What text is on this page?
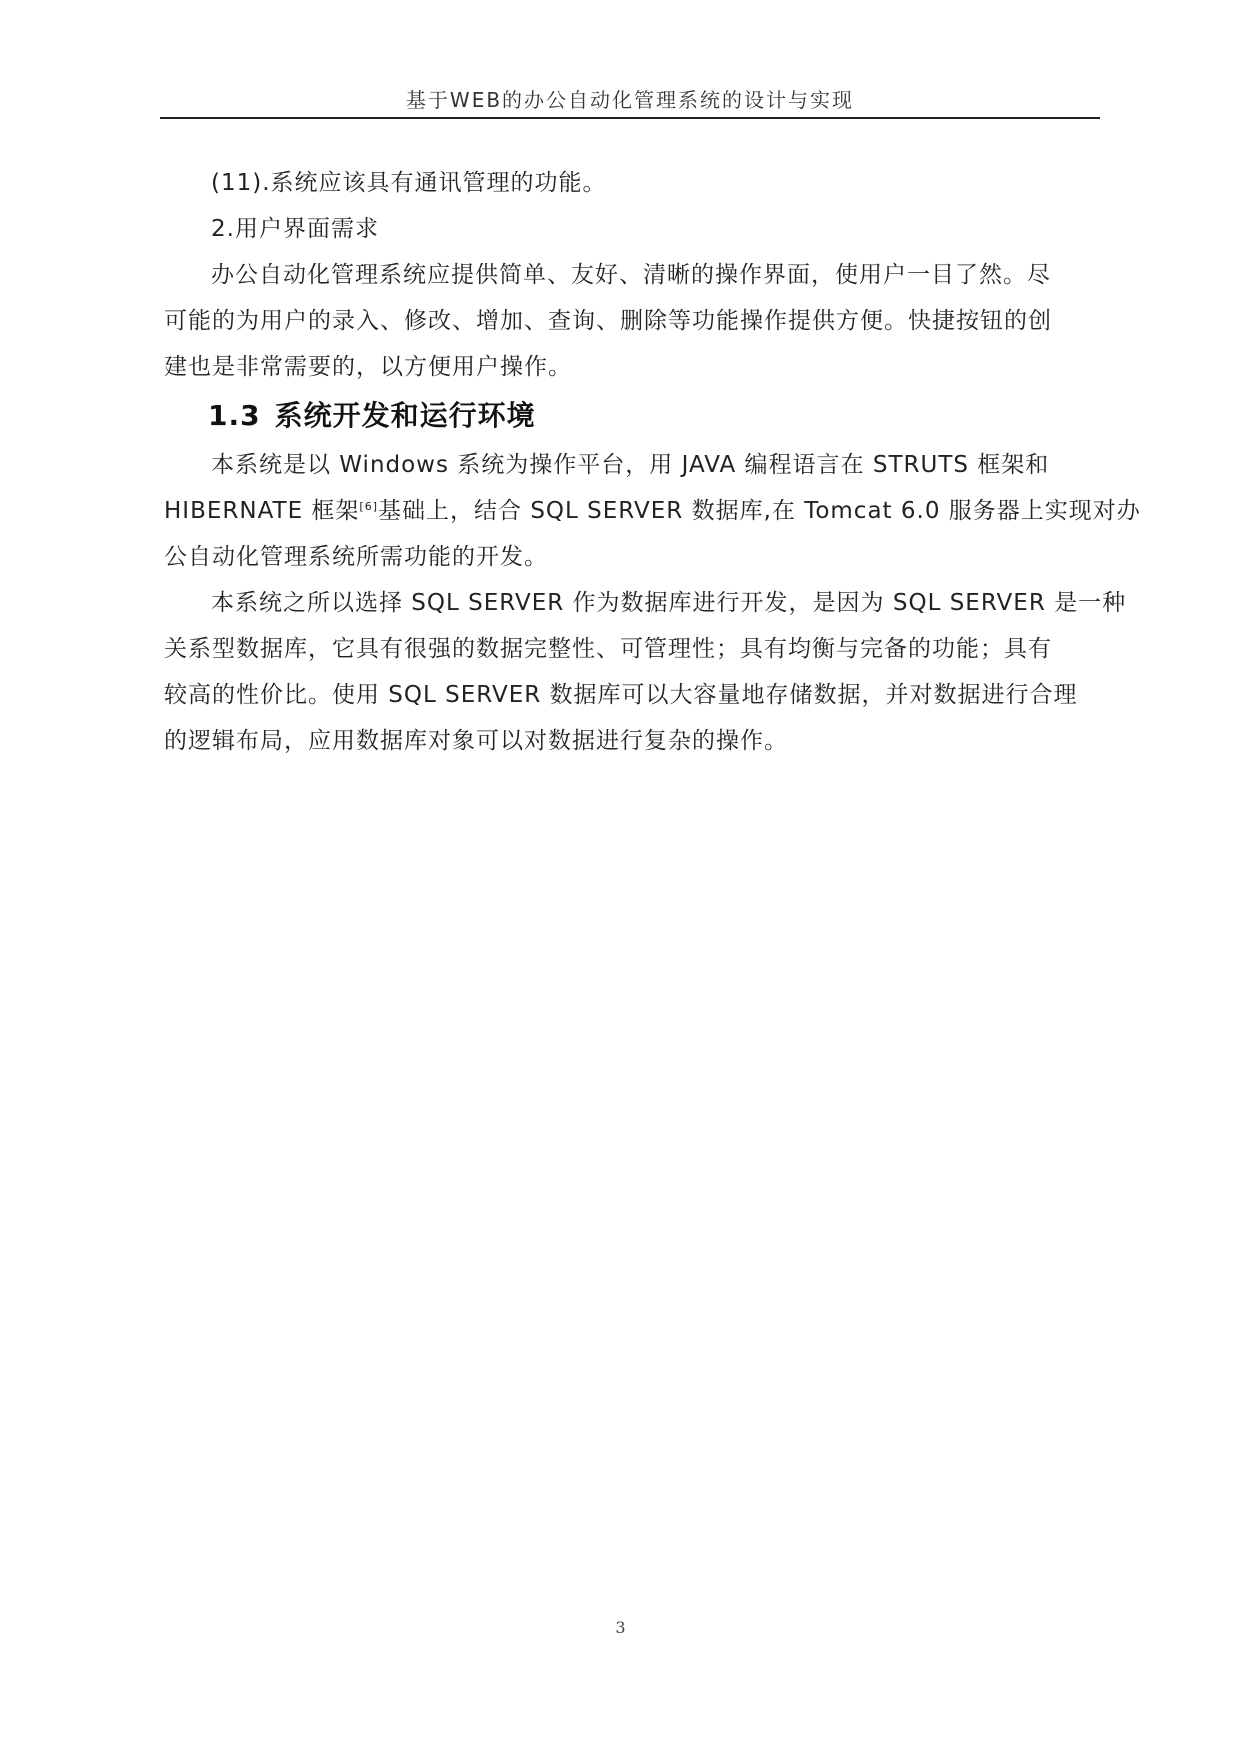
基于WEB的办公自动化管理系统的设计与实现

(11).系统应该具有通讯管理的功能。

2.用户界面需求

办公自动化管理系统应提供简单、友好、清晰的操作界面，使用户一目了然。尽

可能的为用户的录入、修改、增加、查询、删除等功能操作提供方便。快捷按钮的创

建也是非常需要的，以方便用户操作。

1.3 系统开发和运行环境

本系统是以 Windows 系统为操作平台，用 JAVA 编程语言在 STRUTS 框架和

HIBERNATE 框架[6]基础上，结合 SQL SERVER 数据库,在 Tomcat 6.0 服务器上实现对办

公自动化管理系统所需功能的开发。

本系统之所以选择 SQL SERVER 作为数据库进行开发，是因为 SQL SERVER 是一种

关系型数据库，它具有很强的数据完整性、可管理性；具有均衡与完备的功能；具有

较高的性价比。使用 SQL SERVER 数据库可以大容量地存储数据，并对数据进行合理

的逻辑布局，应用数据库对象可以对数据进行复杂的操作。

3
